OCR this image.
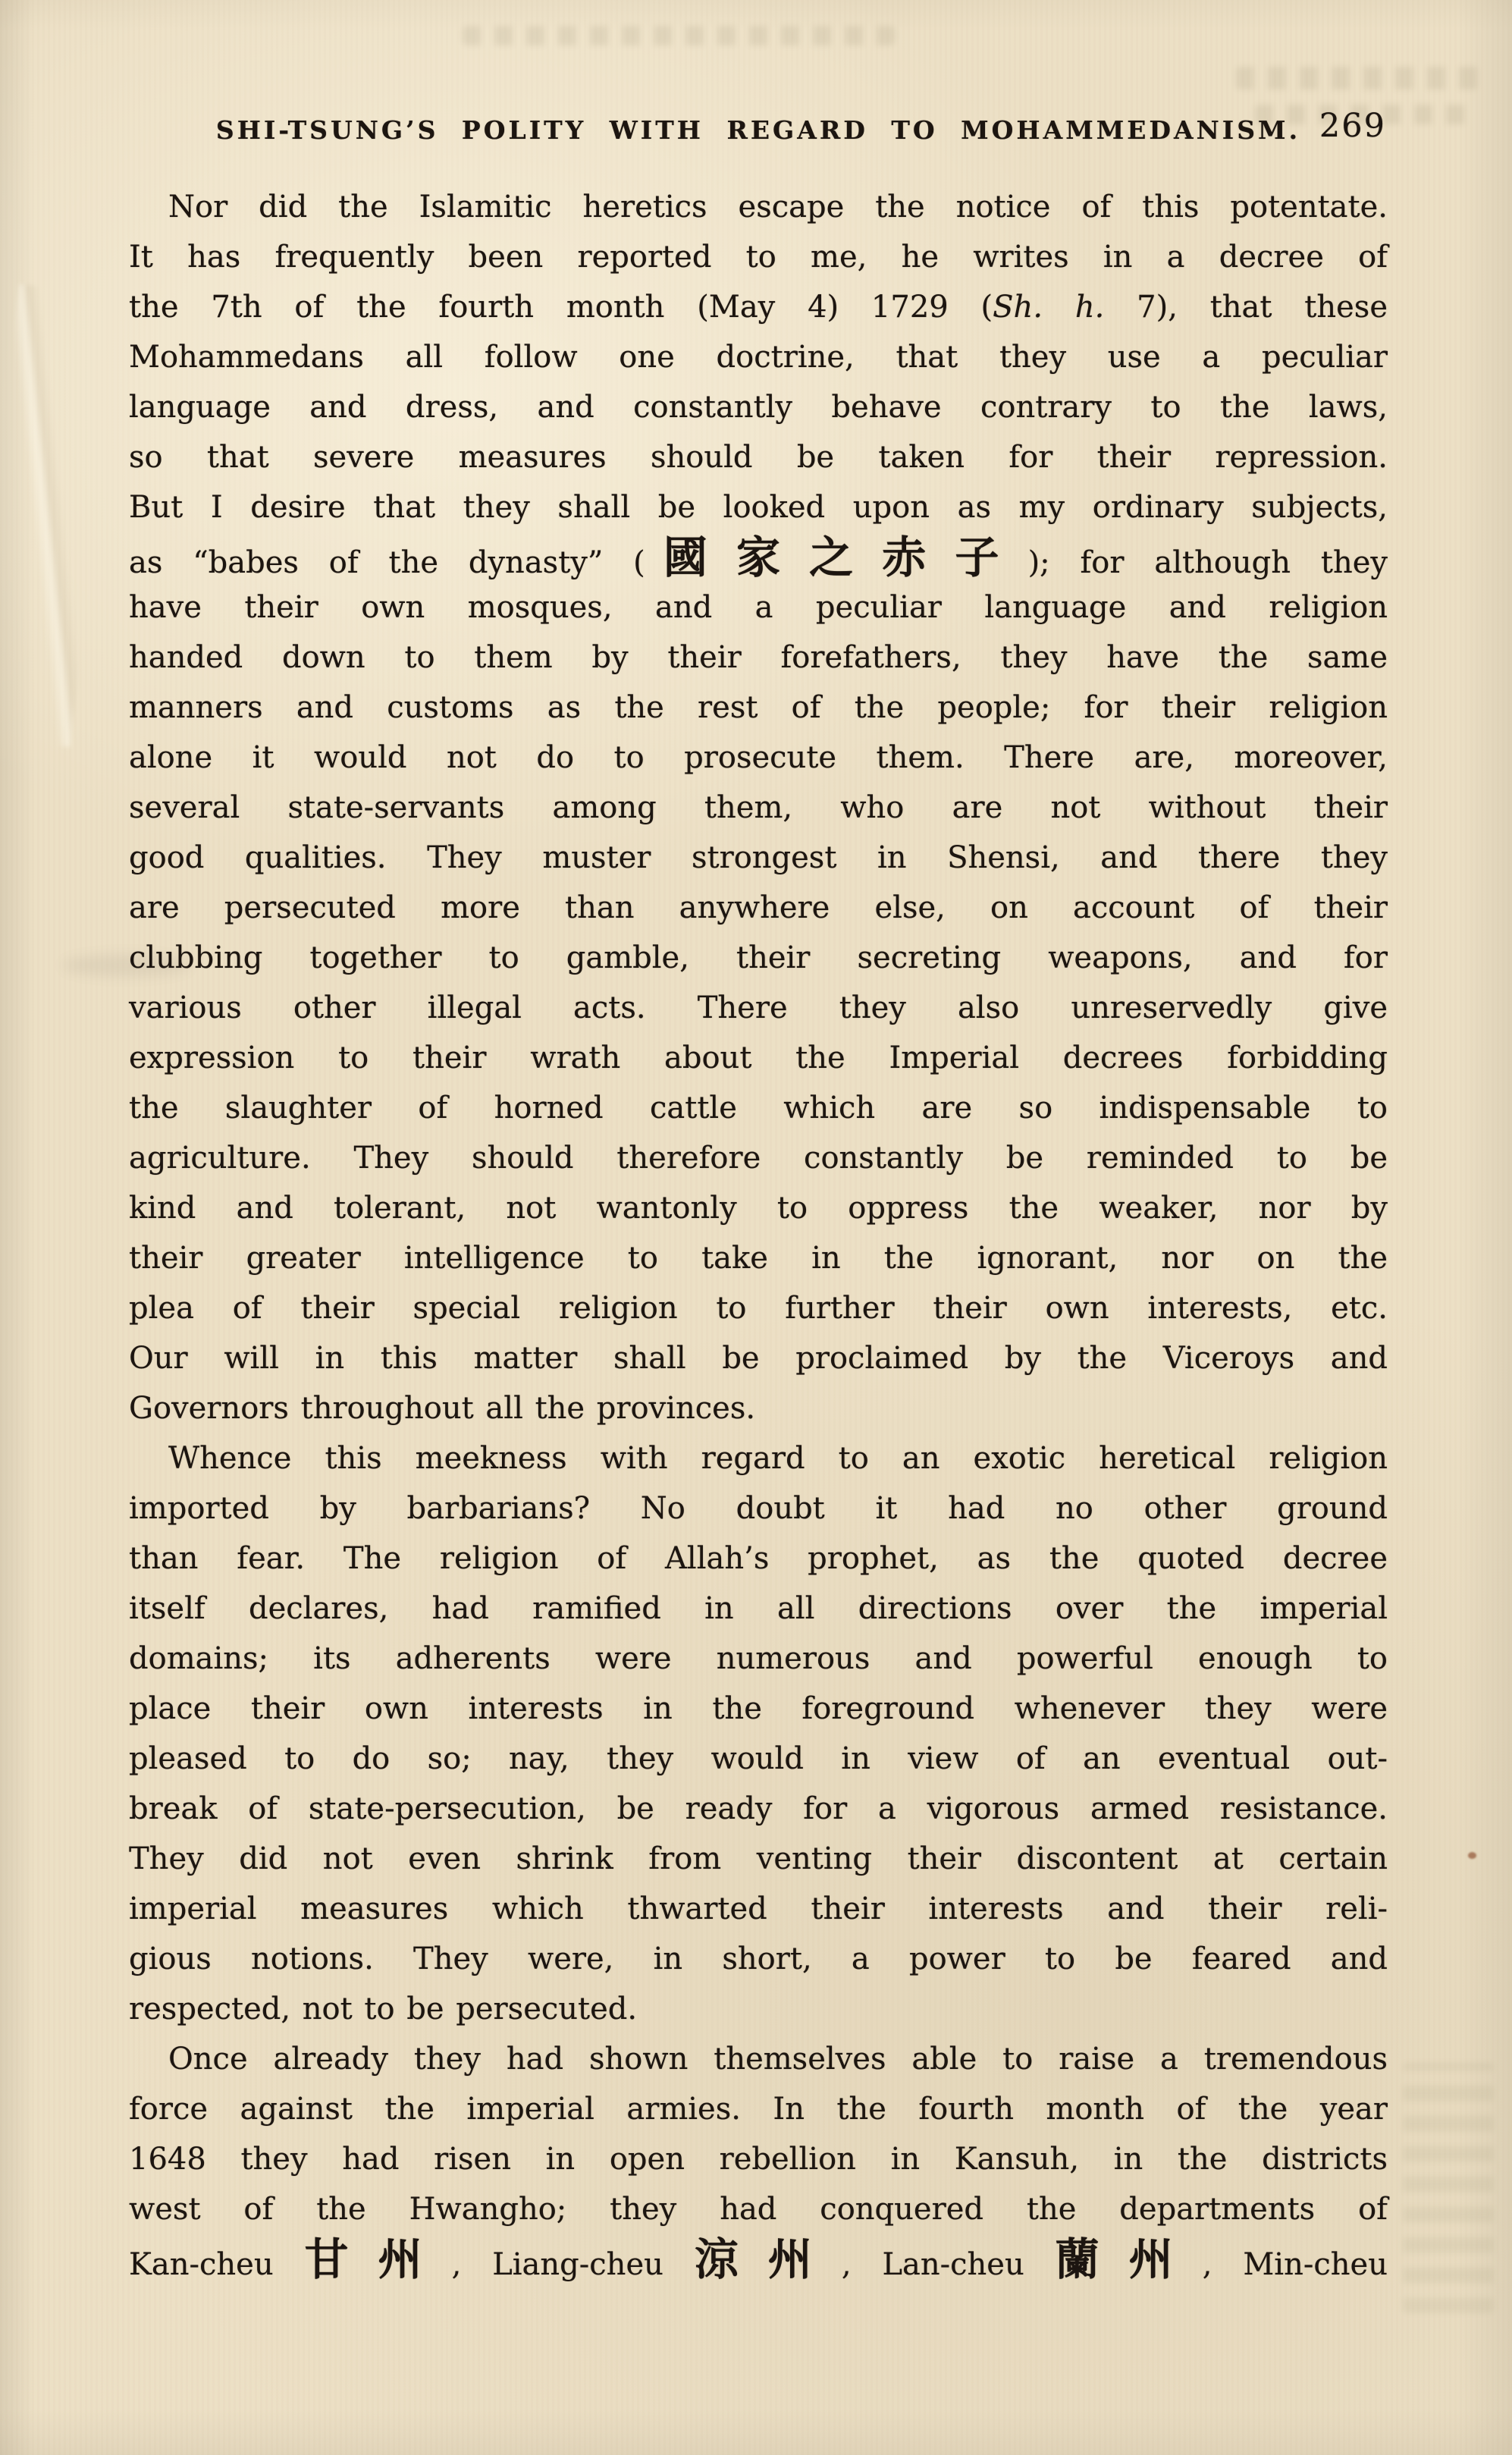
SHI-TSUNG’S POLITY WITH REGARD TO MOHAMMEDANISM. 269
Nor did the Islamitic heretics escape the notice of this potentate.
It has frequently been reported to me, he writes in a decree of
the 7th of the fourth month (May 4) 1729 (Sh. h. 7), that these
Mohammedans all follow one doctrine, that they use a peculiar
language and dress, and constantly behave contrary to the laws,
so that severe measures should be taken for their repression.
But I desire that they shall be looked upon as my ordinary subjects,
as “babes of the dynasty” (國家之赤子); for although they
have their own mosques, and a peculiar language and religion
handed down to them by their forefathers, they have the same
manners and customs as the rest of the people; for their religion
alone it would not do to prosecute them. There are, moreover,
several state-servants among them, who are not without their
good qualities. They muster strongest in Shensi, and there they
are persecuted more than anywhere else, on account of their
clubbing together to gamble, their secreting weapons, and for
various other illegal acts. There they also unreservedly give
expression to their wrath about the Imperial decrees forbidding
the slaughter of horned cattle which are so indispensable to
agriculture. They should therefore constantly be reminded to be
kind and tolerant, not wantonly to oppress the weaker, nor by
their greater intelligence to take in the ignorant, nor on the
plea of their special religion to further their own interests, etc.
Our will in this matter shall be proclaimed by the Viceroys and
Governors throughout all the provinces.
Whence this meekness with regard to an exotic heretical religion
imported by barbarians? No doubt it had no other ground
than fear. The religion of Allah’s prophet, as the quoted decree
itself declares, had ramified in all directions over the imperial
domains; its adherents were numerous and powerful enough to
place their own interests in the foreground whenever they were
pleased to do so; nay, they would in view of an eventual out-
break of state-persecution, be ready for a vigorous armed resistance.
They did not even shrink from venting their discontent at certain
imperial measures which thwarted their interests and their reli-
gious notions. They were, in short, a power to be feared and
respected, not to be persecuted.
Once already they had shown themselves able to raise a tremendous
force against the imperial armies. In the fourth month of the year
1648 they had risen in open rebellion in Kansuh, in the districts
west of the Hwangho; they had conquered the departments of
Kan-cheu 甘州, Liang-cheu 涼州, Lan-cheu 蘭州, Min-cheu
